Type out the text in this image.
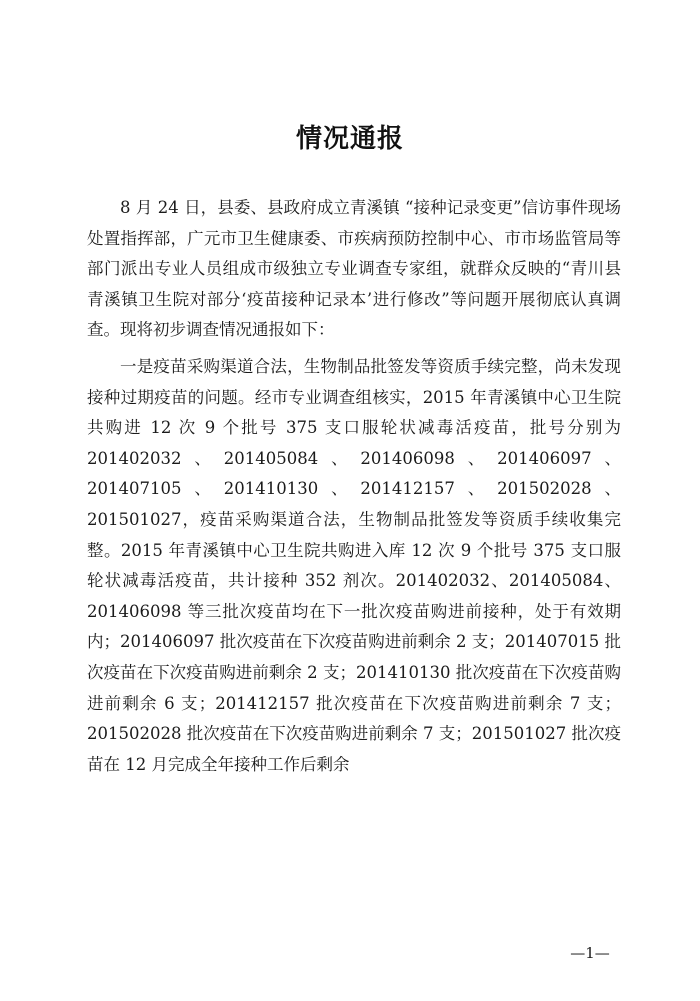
情况通报

8 月 24 日，县委、县政府成立青溪镇 “接种记录变更”信访事件现场处置指挥部，广元市卫生健康委、市疾病预防控制中心、市市场监管局等部门派出专业人员组成市级独立专业调查专家组，就群众反映的“青川县青溪镇卫生院对部分‘疫苗接种记录本’进行修改”等问题开展彻底认真调查。现将初步调查情况通报如下：

一是疫苗采购渠道合法，生物制品批签发等资质手续完整，尚未发现接种过期疫苗的问题。经市专业调查组核实，2015 年青溪镇中心卫生院共购进 12 次 9 个批号 375 支口服轮状减毒活疫苗，批号分别为 201402032、201405084、201406098、201406097、201407105、201410130、201412157、201502028、201501027，疫苗采购渠道合法，生物制品批签发等资质手续收集完整。2015 年青溪镇中心卫生院共购进入库 12 次 9 个批号 375 支口服轮状减毒活疫苗，共计接种 352 剂次。201402032、201405084、201406098 等三批次疫苗均在下一批次疫苗购进前接种，处于有效期内；201406097 批次疫苗在下次疫苗购进前剩余 2 支；201407015 批次疫苗在下次疫苗购进前剩余 2 支；201410130 批次疫苗在下次疫苗购进前剩余 6 支；201412157 批次疫苗在下次疫苗购进前剩余 7 支；201502028 批次疫苗在下次疫苗购进前剩余 7 支；201501027 批次疫苗在 12 月完成全年接种工作后剩余

—1—
